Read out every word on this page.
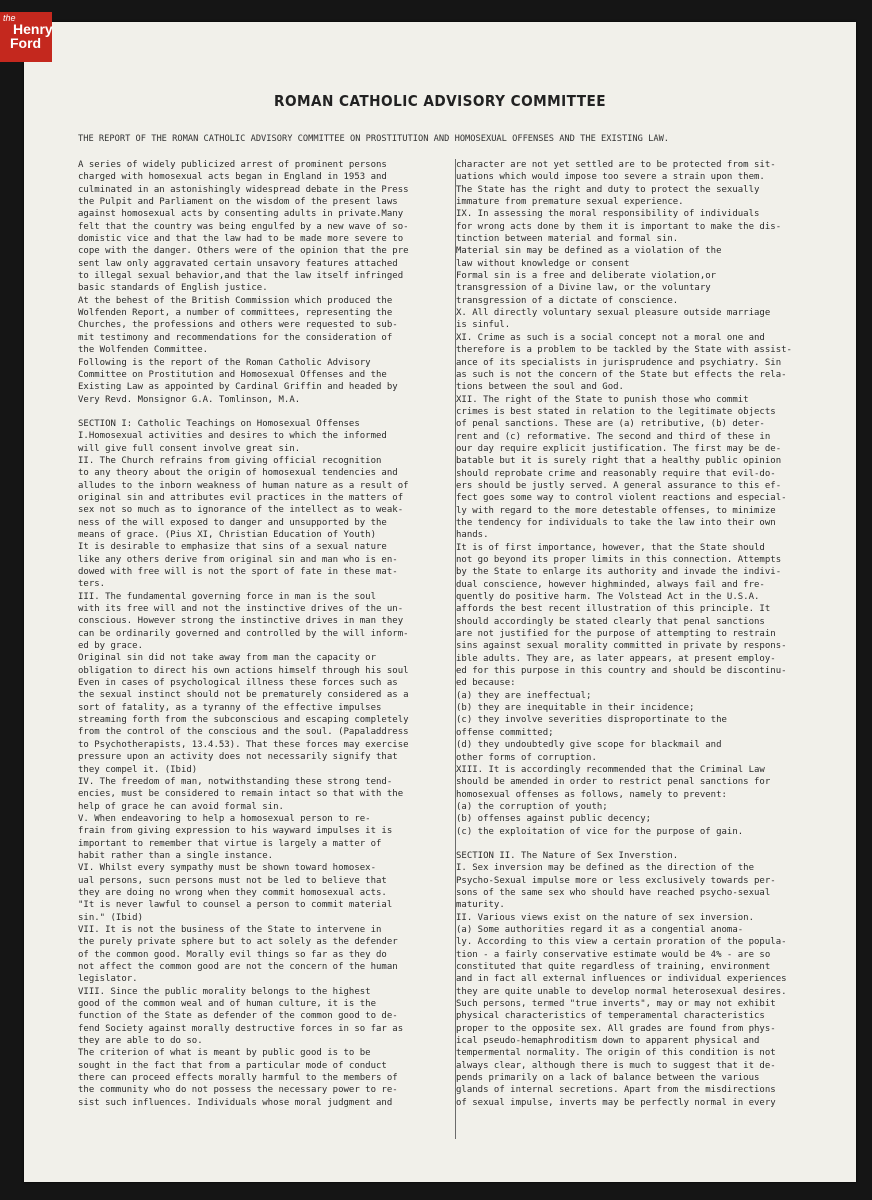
the
Henry
Ford
ROMAN CATHOLIC ADVISORY COMMITTEE
THE REPORT OF THE ROMAN CATHOLIC ADVISORY COMMITTEE ON PROSTITUTION AND HOMOSEXUAL OFFENSES AND THE EXISTING LAW.

A series of widely publicized arrest of prominent persons

charged with homosexual acts began in England in 1953 and

culminated in an astonishingly widespread debate in the Press

the Pulpit and Parliament on the wisdom of the present laws

against homosexual acts by consenting adults in private.Many

felt that the country was being engulfed by a new wave of so-

domistic vice and that the law had to be made more severe to

cope with the danger. Others were of the opinion that the pre

sent law only aggravated certain unsavory features attached

to illegal sexual behavior,and that the law itself infringed

basic standards of English justice.

At the behest of the British Commission which produced the

Wolfenden Report, a number of committees, representing the

Churches, the professions and others were requested to sub-

mit testimony and recommendations for the consideration of

the Wolfenden Committee.

Following is the report of the Roman Catholic Advisory

Committee on Prostitution and Homosexual Offenses and the

Existing Law as appointed by Cardinal Griffin and headed by

Very Revd. Monsignor G.A. Tomlinson, M.A.

SECTION I: Catholic Teachings on Homosexual Offenses

I.Homosexual activities and desires to which the informed

will give full consent involve great sin.

II. The Church refrains from giving official recognition

to any theory about the origin of homosexual tendencies and

alludes to the inborn weakness of human nature as a result of

original sin and attributes evil practices in the matters of

sex not so much as to ignorance of the intellect as to weak-

ness of the will exposed to danger and unsupported by the

means of grace. (Pius XI, Christian Education of Youth)

It is desirable to emphasize that sins of a sexual nature

like any others derive from original sin and man who is en-

dowed with free will is not the sport of fate in these mat-

ters.

III. The fundamental governing force in man is the soul

with its free will and not the instinctive drives of the un-

conscious. However strong the instinctive drives in man they

can be ordinarily governed and controlled by the will inform-

ed by grace.

Original sin did not take away from man the capacity or

obligation to direct his own actions himself through his soul

Even in cases of psychological illness these forces such as

the sexual instinct should not be prematurely considered as a

sort of fatality, as a tyranny of the effective impulses

streaming forth from the subconscious and escaping completely

from the control of the conscious and the soul. (Papaladdress

to Psychotherapists, 13.4.53). That these forces may exercise

pressure upon an activity does not necessarily signify that

they compel it. (Ibid)

IV. The freedom of man, notwithstanding these strong tend-

encies, must be considered to remain intact so that with the

help of grace he can avoid formal sin.

V. When endeavoring to help a homosexual person to re-

frain from giving expression to his wayward impulses it is

important to remember that virtue is largely a matter of

habit rather than a single instance.

VI. Whilst every sympathy must be shown toward homosex-

ual persons, sucn persons must not be led to believe that

they are doing no wrong when they commit homosexual acts.

"It is never lawful to counsel a person to commit material

sin." (Ibid)

VII. It is not the business of the State to intervene in

the purely private sphere but to act solely as the defender

of the common good. Morally evil things so far as they do

not affect the common good are not the concern of the human

legislator.

VIII. Since the public morality belongs to the highest

good of the common weal and of human culture, it is the

function of the State as defender of the common good to de-

fend Society against morally destructive forces in so far as

they are able to do so.

The criterion of what is meant by public good is to be

sought in the fact that from a particular mode of conduct

there can proceed effects morally harmful to the members of

the community who do not possess the necessary power to re-

sist such influences. Individuals whose moral judgment and

character are not yet settled are to be protected from sit-

uations which would impose too severe a strain upon them.

The State has the right and duty to protect the sexually

immature from premature sexual experience.

IX. In assessing the moral responsibility of individuals

for wrong acts done by them it is important to make the dis-

tinction between material and formal sin.

Material sin may be defined as a violation of the

law without knowledge or consent

Formal sin is a free and deliberate violation,or

transgression of a Divine law, or the voluntary

transgression of a dictate of conscience.

X. All directly voluntary sexual pleasure outside marriage

is sinful.

XI. Crime as such is a social concept not a moral one and

therefore is a problem to be tackled by the State with assist-

ance of its specialists in jurisprudence and psychiatry. Sin

as such is not the concern of the State but effects the rela-

tions between the soul and God.

XII. The right of the State to punish those who commit

crimes is best stated in relation to the legitimate objects

of penal sanctions. These are (a) retributive, (b) deter-

rent and (c) reformative. The second and third of these in

our day require explicit justification. The first may be de-

batable but it is surely right that a healthy public opinion

should reprobate crime and reasonably require that evil-do-

ers should be justly served. A general assurance to this ef-

fect goes some way to control violent reactions and especial-

ly with regard to the more detestable offenses, to minimize

the tendency for individuals to take the law into their own

hands.

It is of first importance, however, that the State should

not go beyond its proper limits in this connection. Attempts

by the State to enlarge its authority and invade the indivi-

dual conscience, however highminded, always fail and fre-

quently do positive harm. The Volstead Act in the U.S.A.

affords the best recent illustration of this principle. It

should accordingly be stated clearly that penal sanctions

are not justified for the purpose of attempting to restrain

sins against sexual morality committed in private by respons-

ible adults. They are, as later appears, at present employ-

ed for this purpose in this country and should be discontinu-

ed because:

(a) they are ineffectual;

(b) they are inequitable in their incidence;

(c) they involve severities disproportinate to the

offense committed;

(d) they undoubtedly give scope for blackmail and

other forms of corruption.

XIII. It is accordingly recommended that the Criminal Law

should be amended in order to restrict penal sanctions for

homosexual offenses as follows, namely to prevent:

(a) the corruption of youth;

(b) offenses against public decency;

(c) the exploitation of vice for the purpose of gain.

SECTION II. The Nature of Sex Inverstion.

I. Sex inversion may be defined as the direction of the

Psycho-Sexual impulse more or less exclusively towards per-

sons of the same sex who should have reached psycho-sexual

maturity.

II. Various views exist on the nature of sex inversion.

(a) Some authorities regard it as a congential anoma-

ly. According to this view a certain proration of the popula-

tion - a fairly conservative estimate would be 4% - are so

constituted that quite regardless of training, environment

and in fact all external influences or individual experiences

they are quite unable to develop normal heterosexual desires.

Such persons, termed "true inverts", may or may not exhibit

physical characteristics of temperamental characteristics

proper to the opposite sex. All grades are found from phys-

ical pseudo-hemaphroditism down to apparent physical and

tempermental normality. The origin of this condition is not

always clear, although there is much to suggest that it de-

pends primarily on a lack of balance between the various

glands of internal secretions. Apart from the misdirections

of sexual impulse, inverts may be perfectly normal in every
